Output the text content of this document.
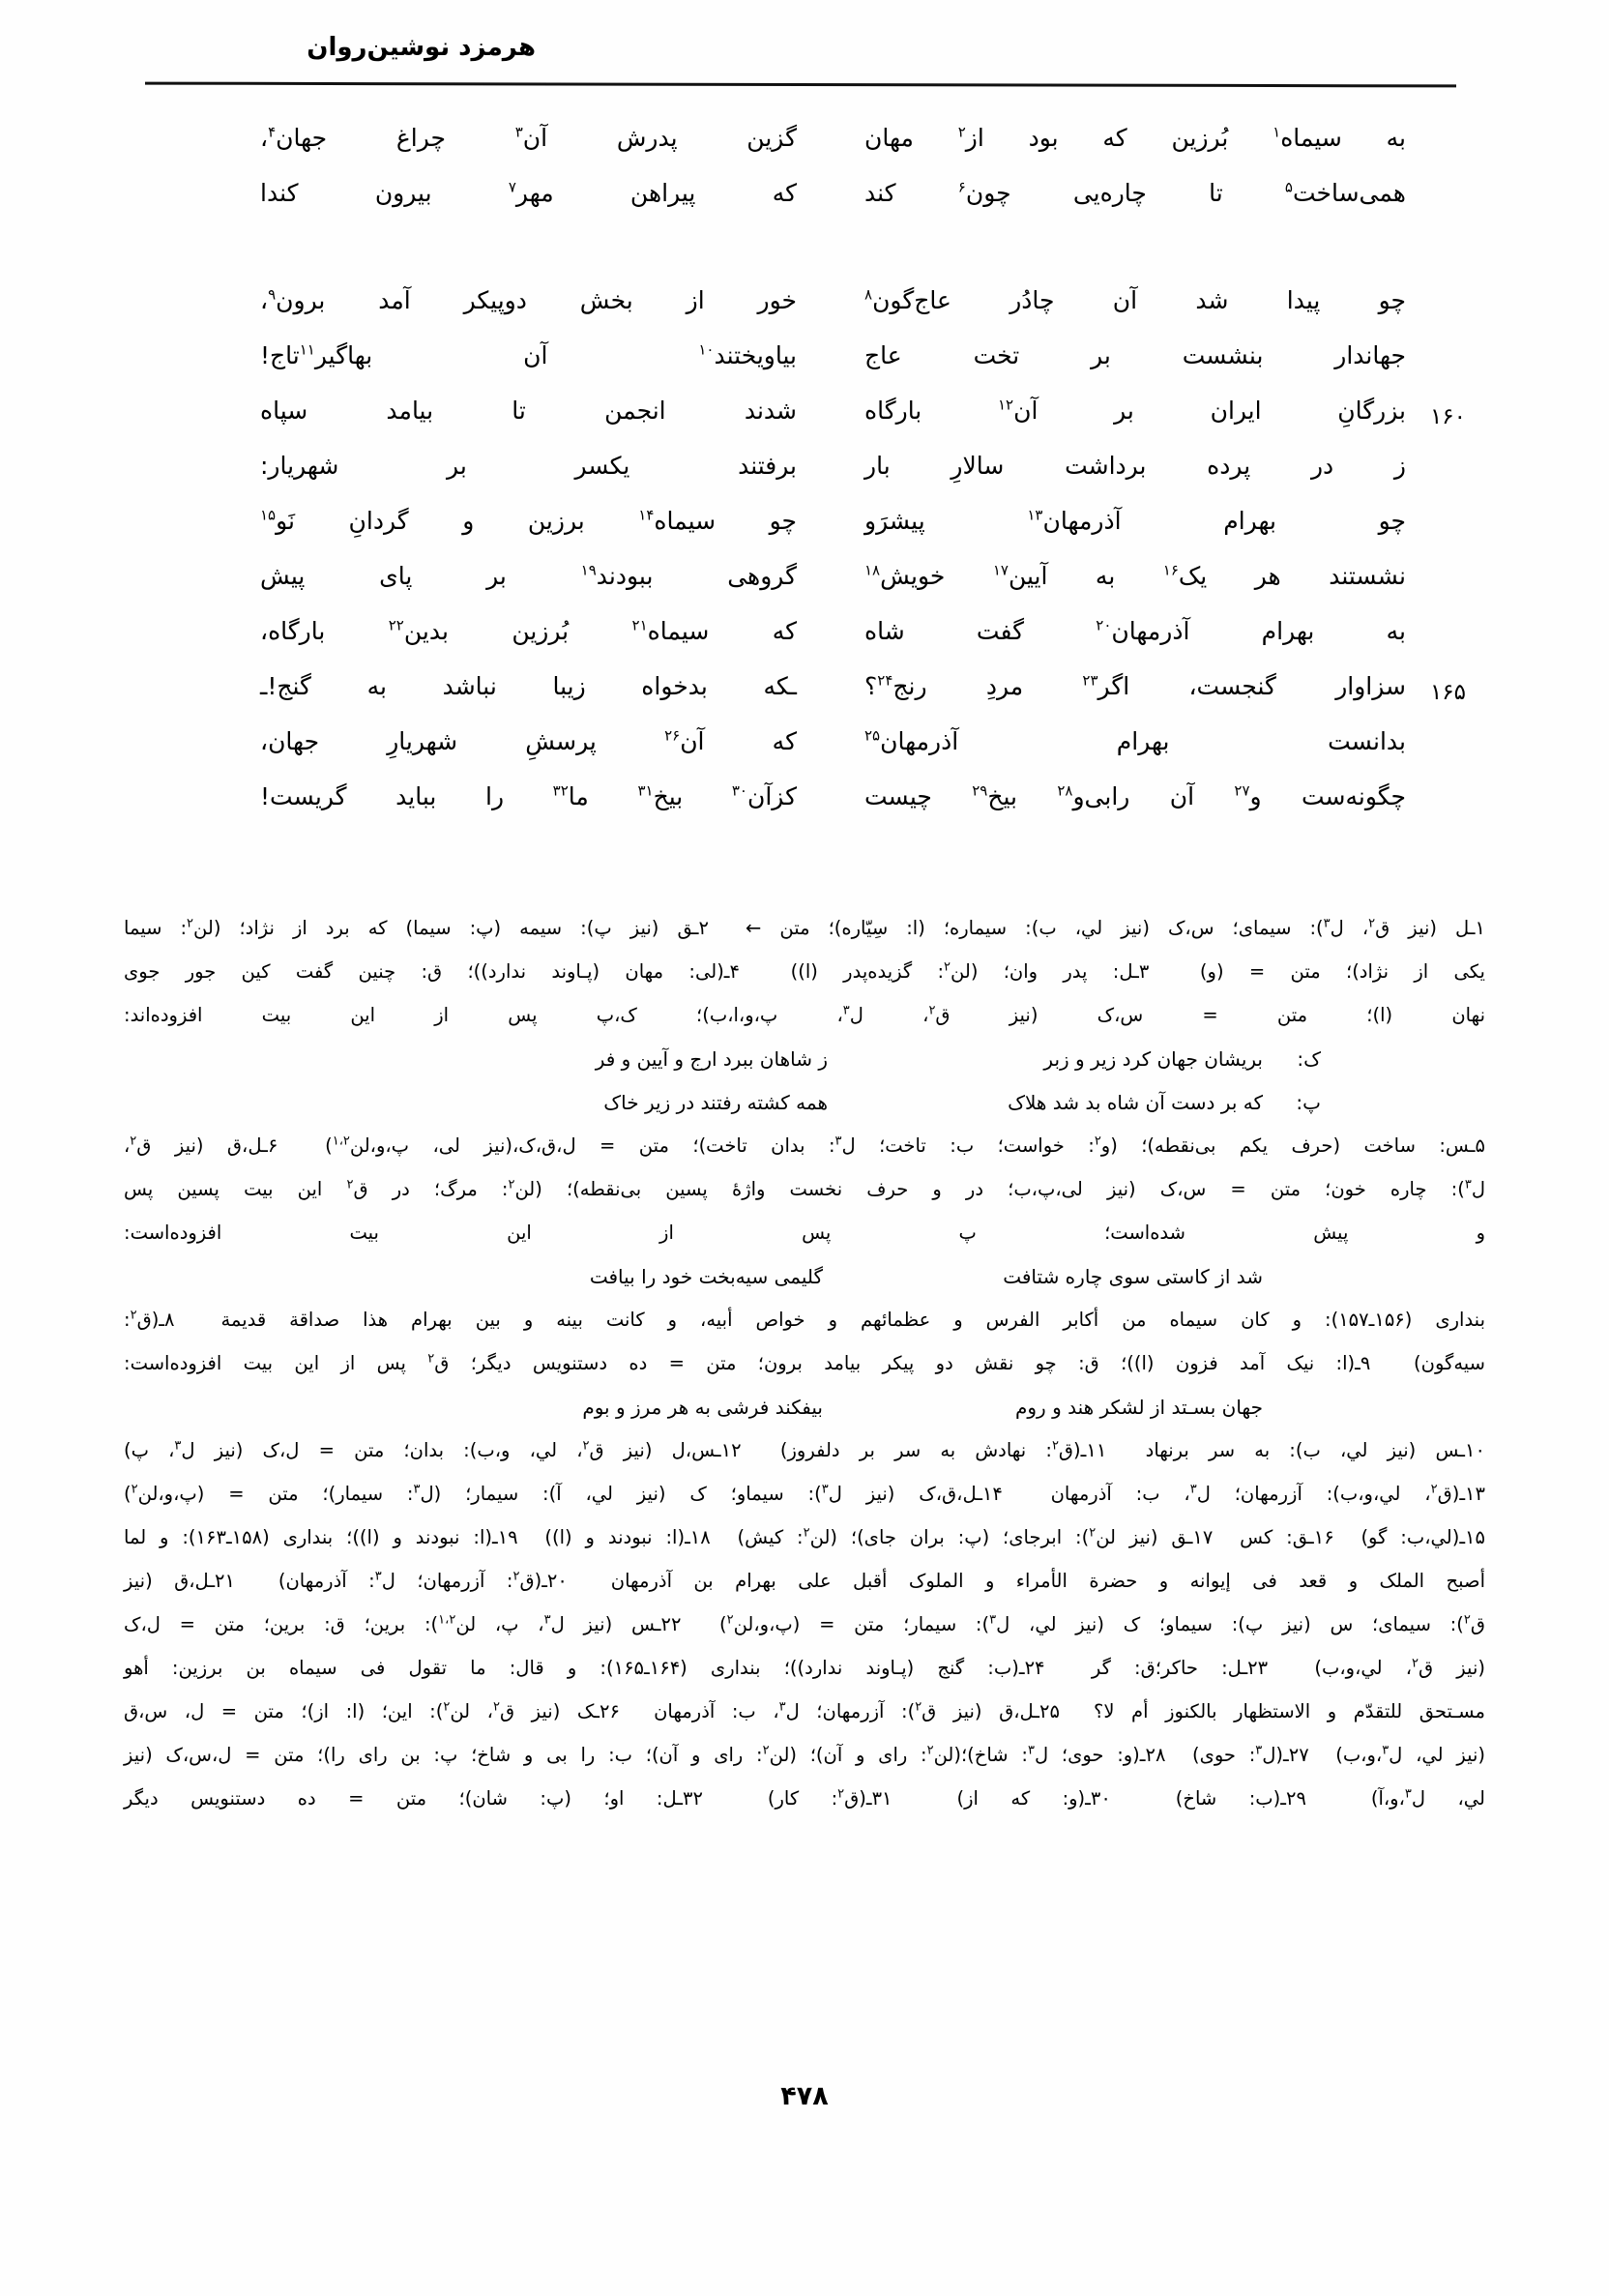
هرمزد نوشین‌روان
به سیماه$^۱$ بُرزین که بود از$^۲$ مهان
گزین پدرش آن$^۳$ چراغ جهان$^۴$،
همی‌ساخت$^۵$ تا چاره‌یی چون$^۶$ کند
که پیراهن مهر$^۷$ بیرون کندا
چو پیدا شد آن چادُر عاج‌گون$^۸$
خور از بخش دوپیکر آمد برون$^۹$،
جهاندار بنشست بر تخت عاج
بیاویختند$^{۱۰}$ آن بهاگیر$^{۱۱}$تاج!
۱۶۰
بزرگانِ ایران بر آن$^{۱۲}$ بارگاه
شدند انجمن تا بیامد سپاه
ز در پرده برداشت سالارِ بار
برفتند یکسر بر شهریار:
چو بهرام آذرمهان$^{۱۳}$ پیشرَو
چو سیماه$^{۱۴}$ برزین و گردانِ نَو$^{۱۵}$
نشستند هر یک$^{۱۶}$ به آیین$^{۱۷}$ خویش$^{۱۸}$
گروهی ببودند$^{۱۹}$ بر پای پیش
به بهرام آذرمهان$^{۲۰}$ گفت شاه
که سیماه$^{۲۱}$ بُرزین بدین$^{۲۲}$ بارگاه،
۱۶۵
سزاوار گنجست، اگر$^{۲۳}$ مردِ رنج$^{۲۴}$؟
ـکه بدخواه زیبا نباشد به گنج!ـ
بدانست بهرام آذرمهان$^{۲۵}$
که آن$^{۲۶}$ پرسشِ شهریارِ جهان،
چگونه‌ست و$^{۲۷}$ آن را‌بی‌و$^{۲۸}$ بیخ$^{۲۹}$ چیست
کزآن$^{۳۰}$ بیخ$^{۳۱}$ ما$^{۳۲}$ را بباید گریست!
۱ـل (نیز ق$^۲$، ل$^۳$): سیمای؛ س،ک (نیز لي، ب): سیماره؛ (ا: سِیّاره)؛ متن ←  ۲ـق (نیز پ): سیمه (پ: سیما) که برد از نژاد؛ (لن$^۲$: سیما
یکی از نژاد)؛ متن = (و)  ۳ـل: پدر وان؛ (لن$^۲$: گزیده‌پدر (ا))  ۴ـ(لی: مهان (پـاوند ندارد))؛ ق: چنین گفت کین جور جوی
نهان (ا)؛ متن = س،ک (نیز ق$^۲$، ل$^۳$، پ،و،ا،ب)؛ ک،پ پس از این بیت افزوده‌اند:
ک:
بریشان جهان کرد زیر و زبر
ز شاهان ببرد ارج و آیین و فر
پ:
که بر دست آن شاه بد شد هلاک
همه کشته رفتند در زیر خاک
۵ـس: ساخت (حرف یکم بی‌نقطه)؛ (و$^۲$: خواست؛ ب: تاخت؛ ل$^۳$: بدان تاخت)؛ متن = ل،ق،ک،(نیز لی، پ،و،لن$^{۱،۲}$)  ۶ـل،ق (نیز ق$^۲$،
ل$^۳$): چاره خون؛ متن = س،ک (نیز لی،پ،ب؛ در و حرف نخست واژهٔ پسین بی‌نقطه)؛ (لن$^۲$: مرگ؛ در ق$^۲$ این بیت پسین پس
و پیش شده‌است؛ پ پس از این بیت افزوده‌است:
شد از کاستی سوی چاره شتافت
گلیمی سیه‌بخت خود را بیافت
بنداری (۱۵۶ـ۱۵۷): و کان سیماه من أکابر الفرس و عظمائهم و خواص أبیه، و کانت بینه و بین بهرام هذا صداقة قدیمة  ۸ـ(ق$^۲$:
سیه‌گون)  ۹ـ(ا: نیک آمد فزون (ا))؛ ق: چو نقش دو پیکر بیامد برون؛ متن = ده دستنویس دیگر؛ ق$^۲$ پس از این بیت افزوده‌است:
جهان بسـتد از لشکر هند و روم
بیفکند فرشی به هر مرز و بوم
۱۰ـس (نیز لي، ب): به سر برنهاد  ۱۱ـ(ق$^۲$: نهادش به سر بر دلفروز)  ۱۲ـس،ل (نیز ق$^۲$، لي، و،ب): بدان؛ متن = ل،ک (نیز ل$^۳$، پ)
۱۳ـ(ق$^۲$، لي،و،ب): آزرمهان؛ ل$^۳$، ب: آذرمهان  ۱۴ـل،ق،ک (نیز ل$^۳$): سیماو؛ ک (نیز لي، آ): سیمار؛ (ل$^۳$: سیمار)؛ متن = (پ،و،لن$^۲$)
۱۵ـ(لي،ب: گو)  ۱۶ـق: کس  ۱۷ـق (نیز لن$^۲$): ابرجای؛ (پ: بران جای)؛ (لن$^۲$: کیش)  ۱۸ـ(ا: نبودند و (ا))  ۱۹ـ(ا: نبودند و (ا))؛ بنداری (۱۵۸ـ۱۶۳): و لما
أصبح الملک و قعد فی إیوانه و حضرة الأمراء و الملوک أقبل علی بهرام بن آذرمهان  ۲۰ـ(ق$^۲$: آزرمهان؛ ل$^۳$: آذرمهان)  ۲۱ـل،ق (نیز
ق$^۲$): سیمای؛ س (نیز پ): سیماو؛ ک (نیز لي، ل$^۳$): سیمار؛ متن = (پ،و،لن$^۲$)  ۲۲ـس (نیز ل$^۳$، پ، لن$^{۱،۲}$): برین؛ ق: برین؛ متن = ل،ک
(نیز ق$^۲$، لي،و،ب)  ۲۳ـل: حاکر؛ق: گر  ۲۴ـ(ب: گنج (پـاوند ندارد))؛ بنداری (۱۶۴ـ۱۶۵): و قال: ما تقول فی سیماه بن برزین: أهو
مسـتحق للتقدّم و الاستظهار بالکنوز أم لا؟  ۲۵ـل،ق (نیز ق$^۲$): آزرمهان؛ ل$^۳$، ب: آذرمهان  ۲۶ـک (نیز ق$^۲$، لن$^۲$): این؛ (ا: از)؛ متن = ل، س،ق
(نیز لي، ل$^۳$،و،ب)  ۲۷ـ(ل$^۳$: حوی)  ۲۸ـ(و: حوی؛ ل$^۳$: شاخ)؛(لن$^۲$: رای و آن)؛ (لن$^۲$: رای و آن)؛ ب: را بی و شاخ؛ پ: بن رای را)؛ متن = ل،س،ک (نیز
لي، ل$^۳$،و،آ)  ۲۹ـ(ب: شاخ)  ۳۰ـ(و: که از)  ۳۱ـ(ق$^۲$: کار)  ۳۲ـل: او؛ (پ: شان)؛ متن = ده دستنویس دیگر
۴۷۸
